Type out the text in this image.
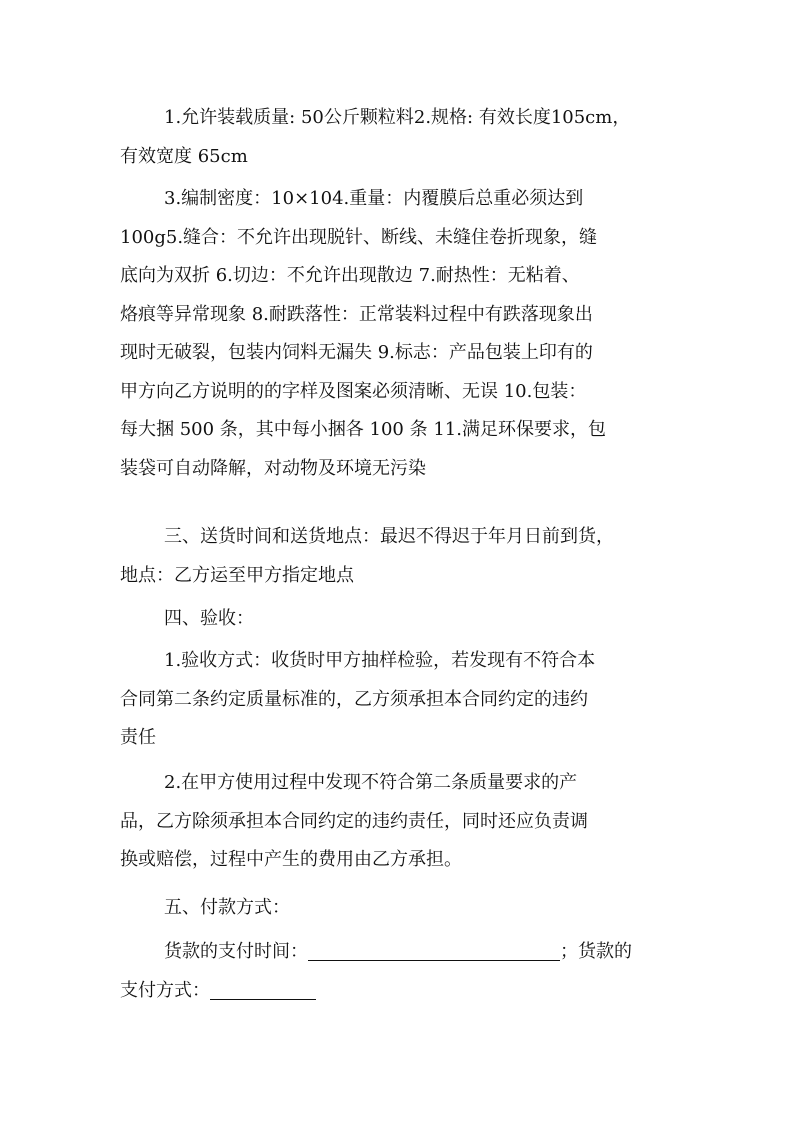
1.允许装载质量: 50公斤颗粒料2.规格: 有效长度105cm，
有效宽度 65cm

3.编制密度：10×104.重量：内覆膜后总重必须达到
100g5.缝合：不允许出现脱针、断线、未缝住卷折现象，缝
底向为双折 6.切边：不允许出现散边 7.耐热性：无粘着、
烙痕等异常现象 8.耐跌落性：正常装料过程中有跌落现象出
现时无破裂，包装内饲料无漏失 9.标志：产品包装上印有的
甲方向乙方说明的的字样及图案必须清晰、无误 10.包装：
每大捆 500 条，其中每小捆各 100 条 11.满足环保要求，包
装袋可自动降解，对动物及环境无污染

三、送货时间和送货地点：最迟不得迟于年月日前到货，
地点：乙方运至甲方指定地点

四、验收：

1.验收方式：收货时甲方抽样检验，若发现有不符合本
合同第二条约定质量标准的，乙方须承担本合同约定的违约
责任

2.在甲方使用过程中发现不符合第二条质量要求的产
品，乙方除须承担本合同约定的违约责任，同时还应负责调
换或赔偿，过程中产生的费用由乙方承担。

五、付款方式：

货款的支付时间：	；货款的
支付方式：
